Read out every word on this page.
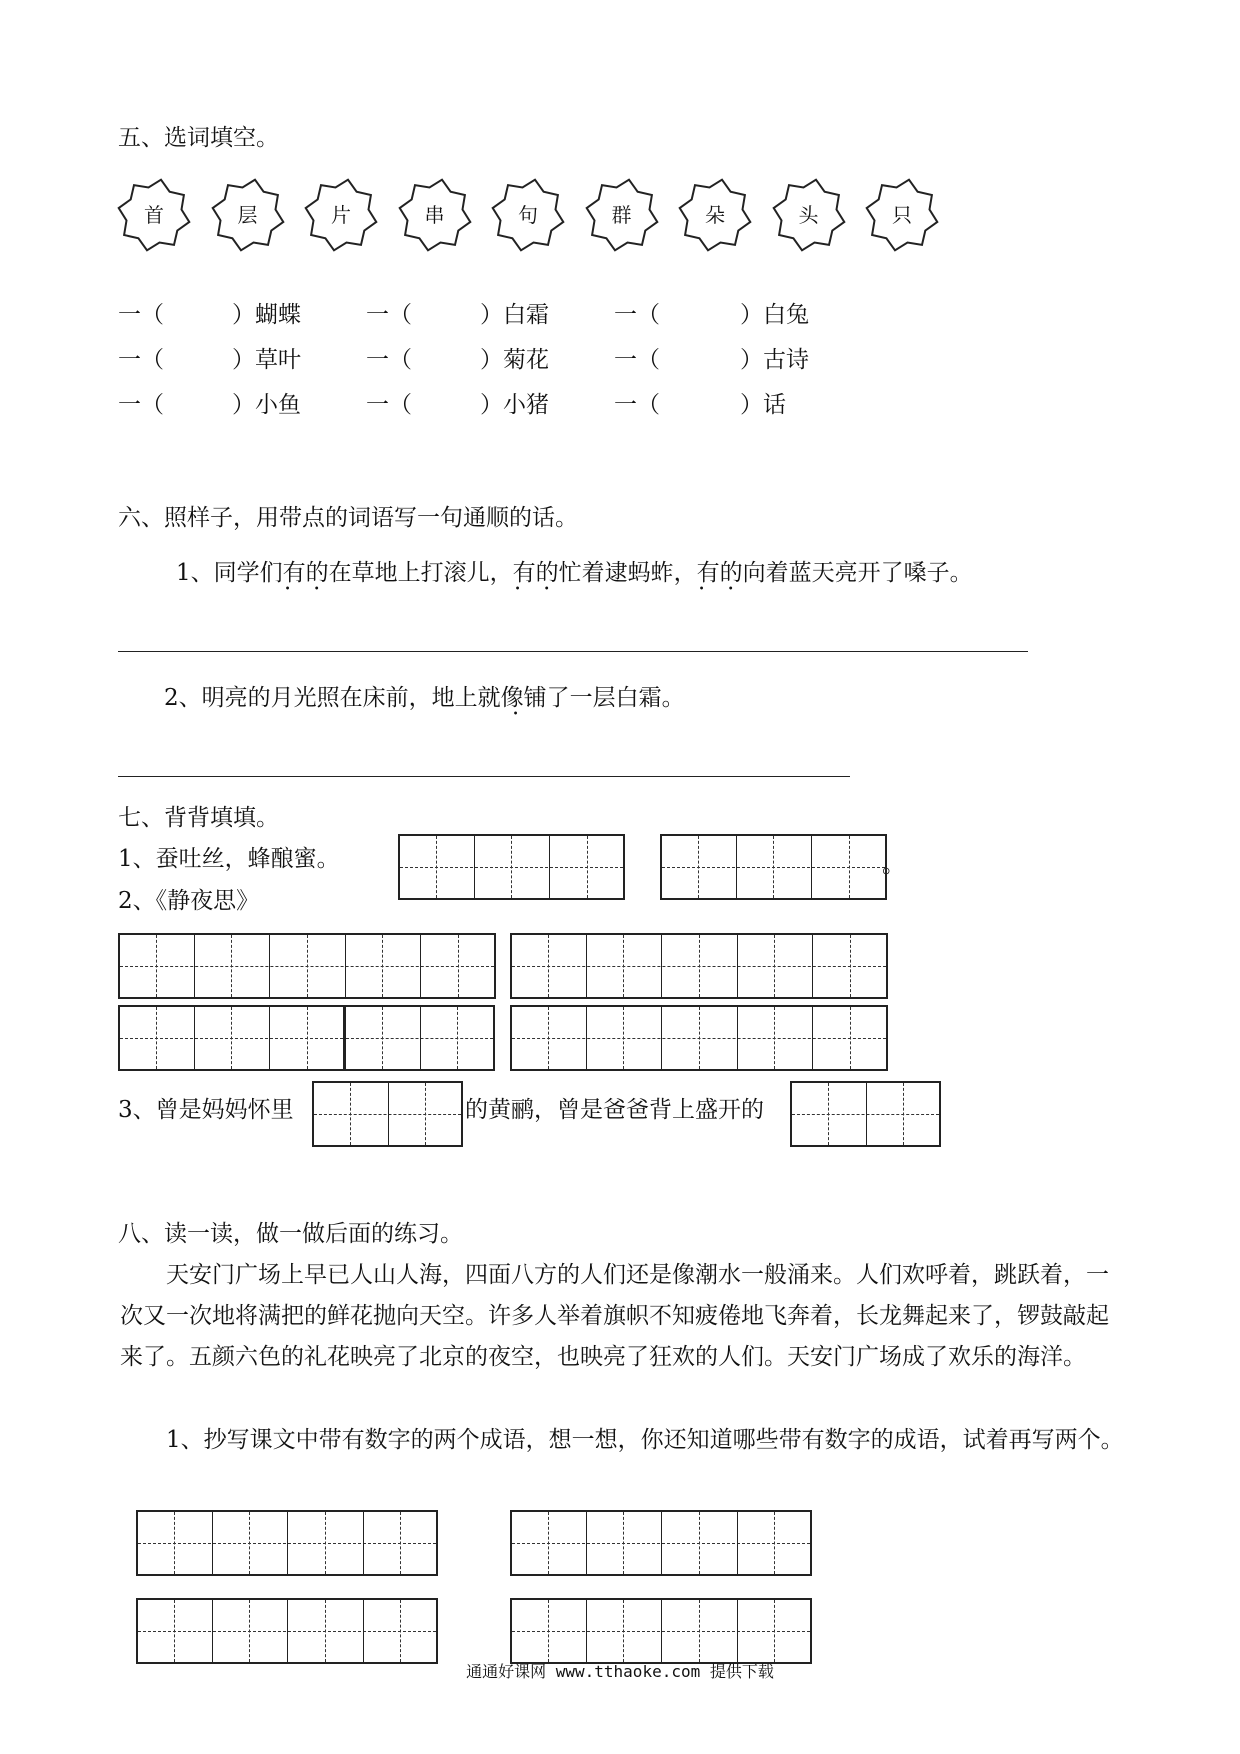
五、选词填空。
首	层	片	串	句	群	朵	头	只
一（	）蝴蝶	一（	）白霜	一（	）白兔
一（	）草叶	一（	）菊花	一（	）古诗
一（	）小鱼	一（	）小猪	一（	）话
六、照样子，用带点的词语写一句通顺的话。
1、同学们有的 • •在草地上打滚儿，有的 • •忙着逮蚂蚱，有的 • •向着蓝天亮开了嗓子。
2、明亮的月光照在床前，地上就像铺了一层白霜。
七、背背填填。
1、蚕吐丝，蜂酿蜜。	。
2、《静夜思》
3、曾是妈妈怀里	的黄鹂，曾是爸爸背上盛开的
八、读一读，做一做后面的练习。
天安门广场上早已人山人海，四面八方的人们还是像潮水一般涌来。人们欢呼着，跳跃着，一次又一次地将满把的鲜花抛向天空。许多人举着旗帜不知疲倦地飞奔着，长龙舞起来了，锣鼓敲起来了。五颜六色的礼花映亮了北京的夜空，也映亮了狂欢的人们。天安门广场成了欢乐的海洋。
1、抄写课文中带有数字的两个成语，想一想，你还知道哪些带有数字的成语，试着再写两个。
通通好课网 www.tthaoke.com 提供下载
